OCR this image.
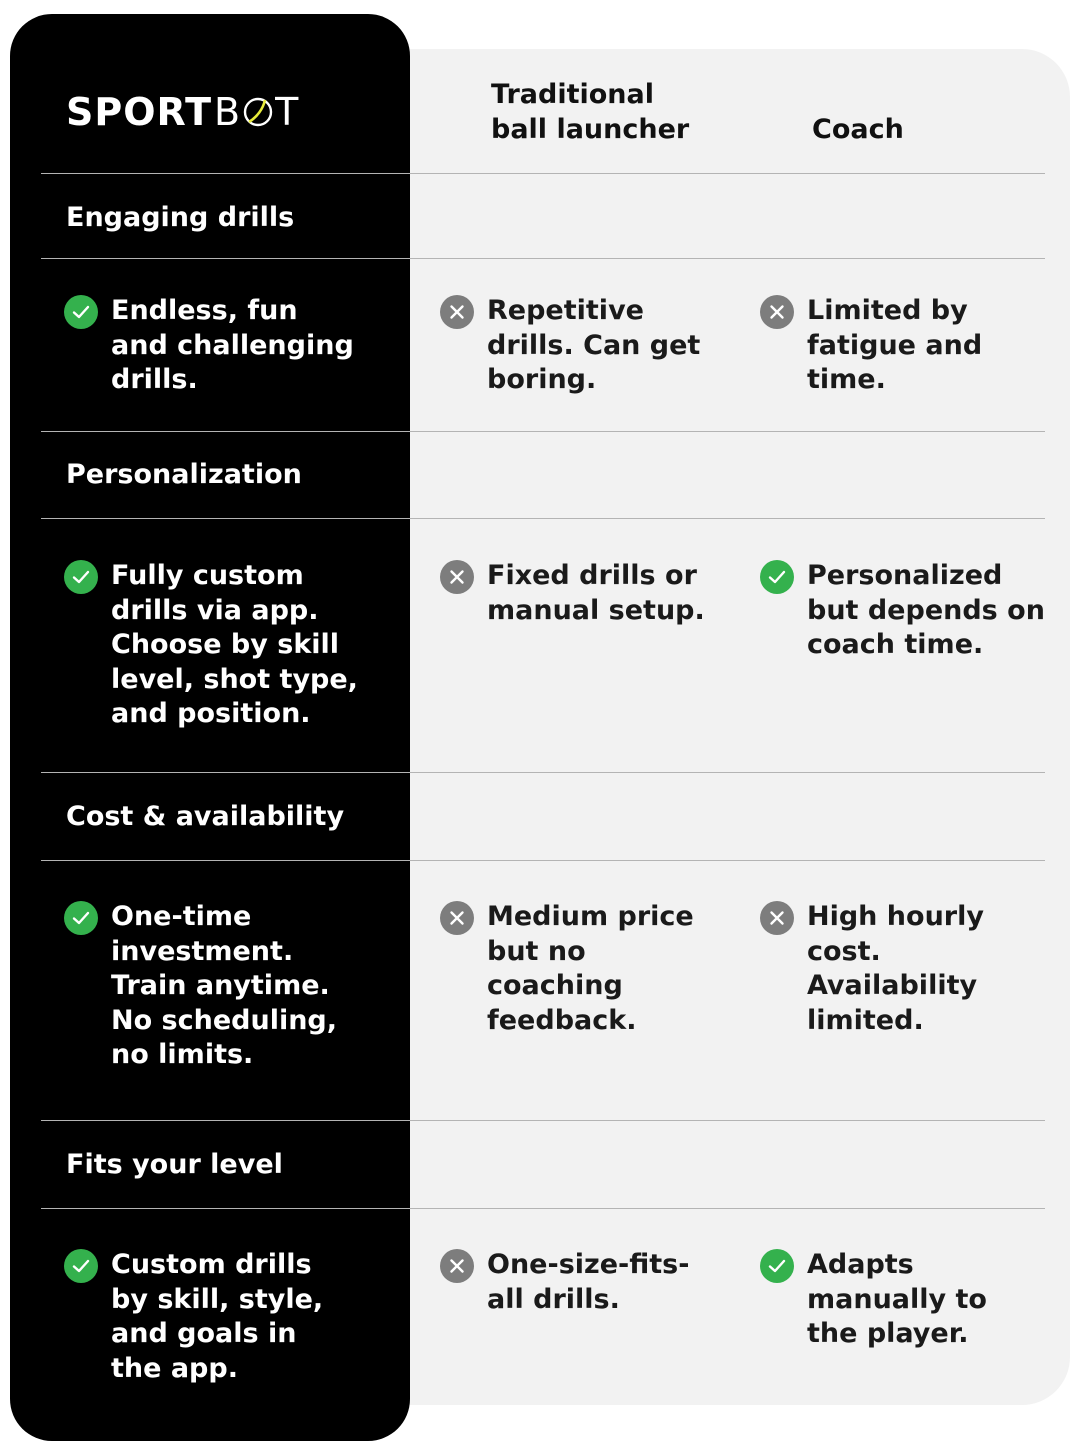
SPORT B T	Traditional
ball launcher	Coach
Engaging drills
Endless, fun and challenging drills.
Repetitive drills. Can get boring.
Limited by fatigue and time.
Personalization
Fully custom drills via app. Choose by skill level, shot type, and position.
Fixed drills or manual setup.
Personalized but depends on coach time.
Cost & availability
One-time investment. Train anytime. No scheduling, no limits.
Medium price but no coaching feedback.
High hourly cost. Availability limited.
Fits your level
Custom drills by skill, style, and goals in the app.
One-size-fits-all drills.
Adapts manually to the player.
